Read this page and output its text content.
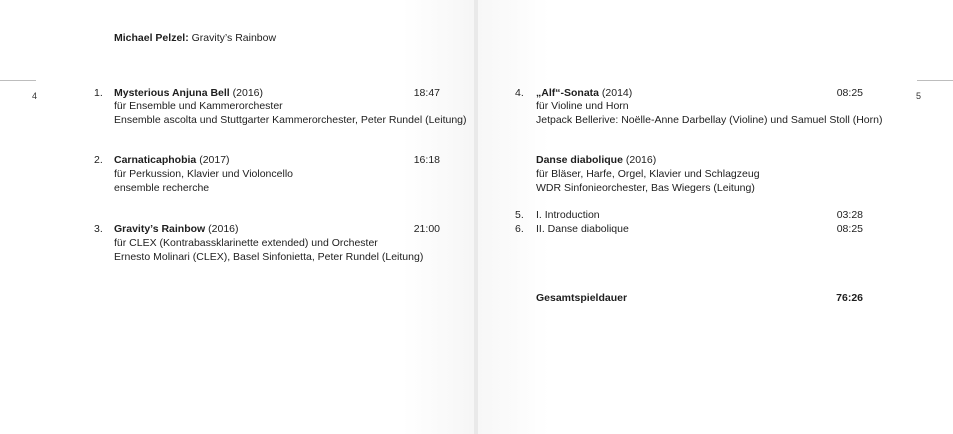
4	5
Michael Pelzel: Gravity’s Rainbow
1. Mysterious Anjuna Bell (2016)	18:47
für Ensemble und Kammerorchester
Ensemble ascolta und Stuttgarter Kammerorchester, Peter Rundel (Leitung)
2. Carnaticaphobia (2017)	16:18
für Perkussion, Klavier und Violoncello
ensemble recherche
3. Gravity’s Rainbow (2016)	21:00
für CLEX (Kontrabassklarinette extended) und Orchester
Ernesto Molinari (CLEX), Basel Sinfonietta, Peter Rundel (Leitung)
4. „Alf“-Sonata (2014)	08:25
für Violine und Horn
Jetpack Bellerive: Noëlle-Anne Darbellay (Violine) und Samuel Stoll (Horn)
Danse diabolique (2016)
für Bläser, Harfe, Orgel, Klavier und Schlagzeug
WDR Sinfonieorchester, Bas Wiegers (Leitung)
5. I. Introduction	03:28
6. II. Danse diabolique	08:25
Gesamtspieldauer	76:26
